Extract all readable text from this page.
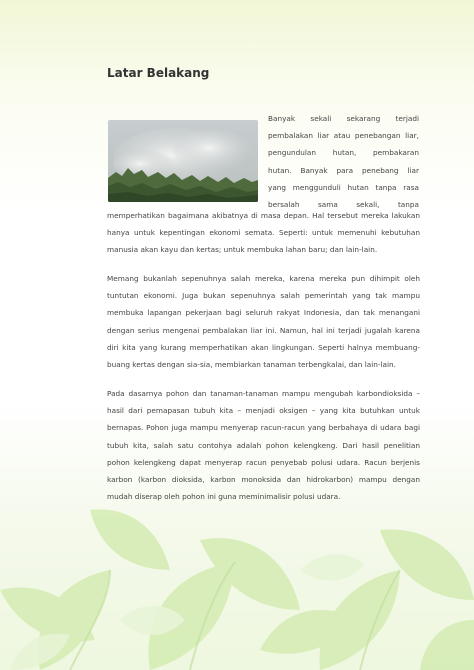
Latar Belakang
Banyak sekali sekarang terjadi
pembalakan liar atau penebangan liar,
pengundulan hutan, pembakaran
hutan. Banyak para penebang liar
yang menggunduli hutan tanpa rasa
bersalah sama sekali, tanpa
memperhatikan bagaimana akibatnya di masa depan. Hal tersebut mereka lakukan hanya untuk kepentingan ekonomi semata. Seperti: untuk memenuhi kebutuhan manusia akan kayu dan kertas; untuk membuka lahan baru; dan lain-lain.
Memang bukanlah sepenuhnya salah mereka, karena mereka pun dihimpit oleh tuntutan ekonomi. Juga bukan sepenuhnya salah pemerintah yang tak mampu membuka lapangan pekerjaan bagi seluruh rakyat Indonesia, dan tak menangani dengan serius mengenai pembalakan liar ini. Namun, hal ini terjadi jugalah karena diri kita yang kurang memperhatikan akan lingkungan. Seperti halnya membuang-buang kertas dengan sia-sia, membiarkan tanaman terbengkalai, dan lain-lain.
Pada dasarnya pohon dan tanaman-tanaman mampu mengubah karbondioksida – hasil dari pemapasan tubuh kita – menjadi oksigen – yang kita butuhkan untuk bernapas. Pohon juga mampu menyerap racun-racun yang berbahaya di udara bagi tubuh kita, salah satu contohya adalah pohon kelengkeng. Dari hasil penelitian pohon kelengkeng dapat menyerap racun penyebab polusi udara. Racun berjenis karbon (karbon dioksida, karbon monoksida dan hidrokarbon) mampu dengan mudah diserap oleh pohon ini guna meminimalisir polusi udara.
